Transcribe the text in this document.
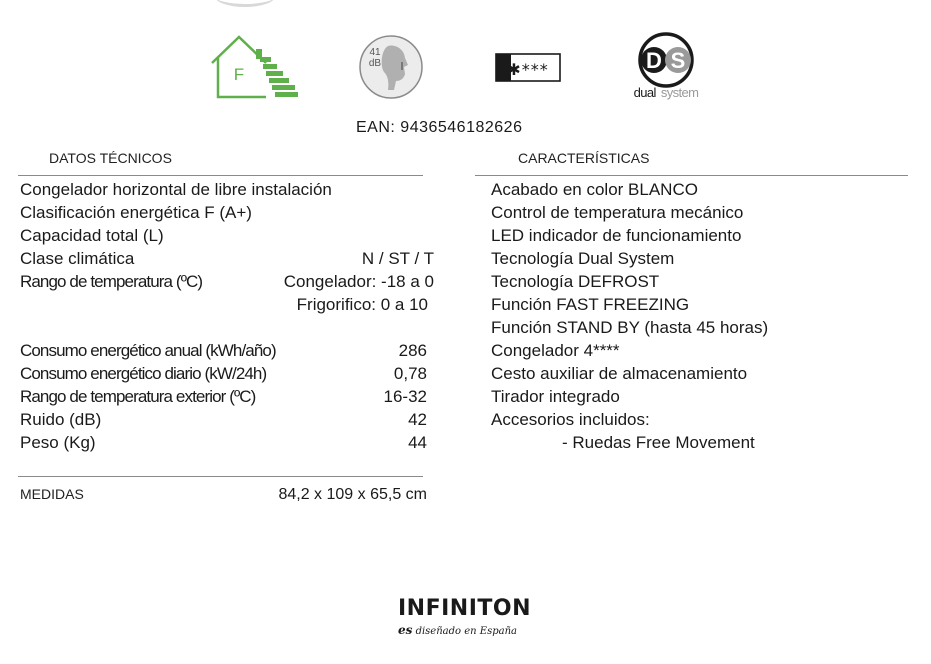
F
41
dB	✱***	D S
dual system
EAN: 9436546182626
DATOS TÉCNICOS	CARACTERÍSTICAS
Congelador horizontal de libre instalación
Clasificación energética F (A+)
Capacidad total (L)
Clase climática	N / ST / T
Rango de temperatura (ºC)	Congelador: -18 a 0
Frigorifico: 0 a 10
Consumo energético anual (kWh/año)	286
Consumo energético diario (kW/24h)	0,78
Rango de temperatura exterior (ºC)	16-32
Ruido (dB)	42
Peso (Kg)	44
MEDIDAS	84,2 x 109 x 65,5 cm
Acabado en color BLANCO
Control de temperatura mecánico
LED indicador de funcionamiento
Tecnología Dual System
Tecnología DEFROST
Función FAST FREEZING
Función STAND BY (hasta 45 horas)
Congelador 4****
Cesto auxiliar de almacenamiento
Tirador integrado
Accesorios incluidos:
- Ruedas Free Movement
INFINITON
es diseñado en España
